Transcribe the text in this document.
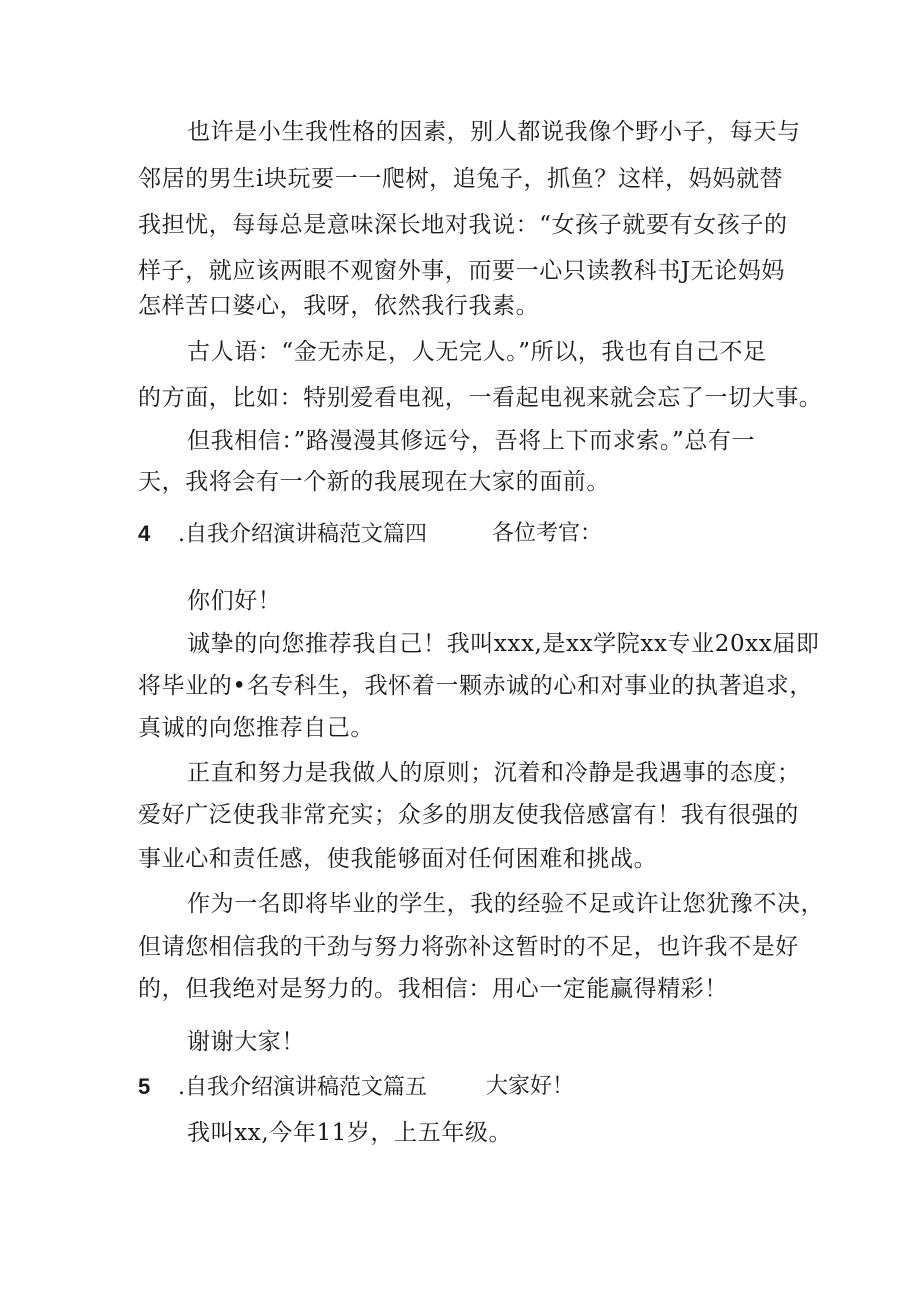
也许是小生我性格的因素，别人都说我像个野小子，每天与
邻居的男生i块玩要一一爬树，追兔子，抓鱼？这样，妈妈就替
我担忧，每每总是意味深长地对我说：“女孩子就要有女孩子的
样子，就应该两眼不观窗外事，而要一心只读教科书J无论妈妈
怎样苦口婆心，我呀，依然我行我素。
古人语：“金无赤足，人无完人。”所以，我也有自己不足
的方面，比如：特别爱看电视，一看起电视来就会忘了一切大事。
但我相信：”路漫漫其修远兮，吾将上下而求索。”总有一
天，我将会有一个新的我展现在大家的面前。
4 .自我介绍演讲稿范文篇四	各位考官：
你们好！
诚挚的向您推荐我自己！我叫xxx,是xx学院xx专业20xx届即
将毕业的•名专科生，我怀着一颗赤诚的心和对事业的执著追求，
真诚的向您推荐自己。
正直和努力是我做人的原则；沉着和冷静是我遇事的态度；
爱好广泛使我非常充实；众多的朋友使我倍感富有！我有很强的
事业心和责任感，使我能够面对任何困难和挑战。
作为一名即将毕业的学生，我的经验不足或许让您犹豫不决，
但请您相信我的干劲与努力将弥补这暂时的不足，也许我不是好
的，但我绝对是努力的。我相信：用心一定能赢得精彩！
谢谢大家！
5 .自我介绍演讲稿范文篇五	大家好！
我叫xx,今年11岁，上五年级。
